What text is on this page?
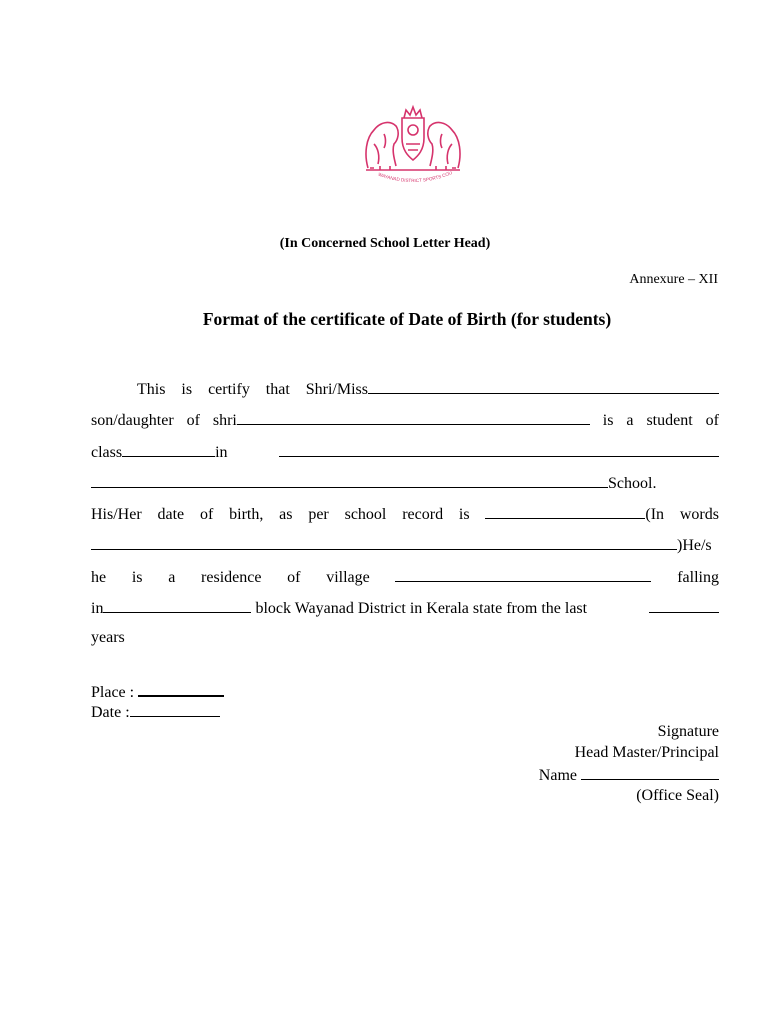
WAYANAD DISTRICT SPORTS COU
(In Concerned School Letter Head)
Annexure – XII
Format of the certificate of Date of Birth (for students)
This is certify that Shri/Miss
son/daughter of shri	is a student of
class	in
School.
His/Her date of birth, as per school record is	(In words
)He/s
he is a residence of village	falling
in	block Wayanad District in Kerala state from the last
years
Place :
Date :
Signature
Head Master/Principal
Name
(Office Seal)
